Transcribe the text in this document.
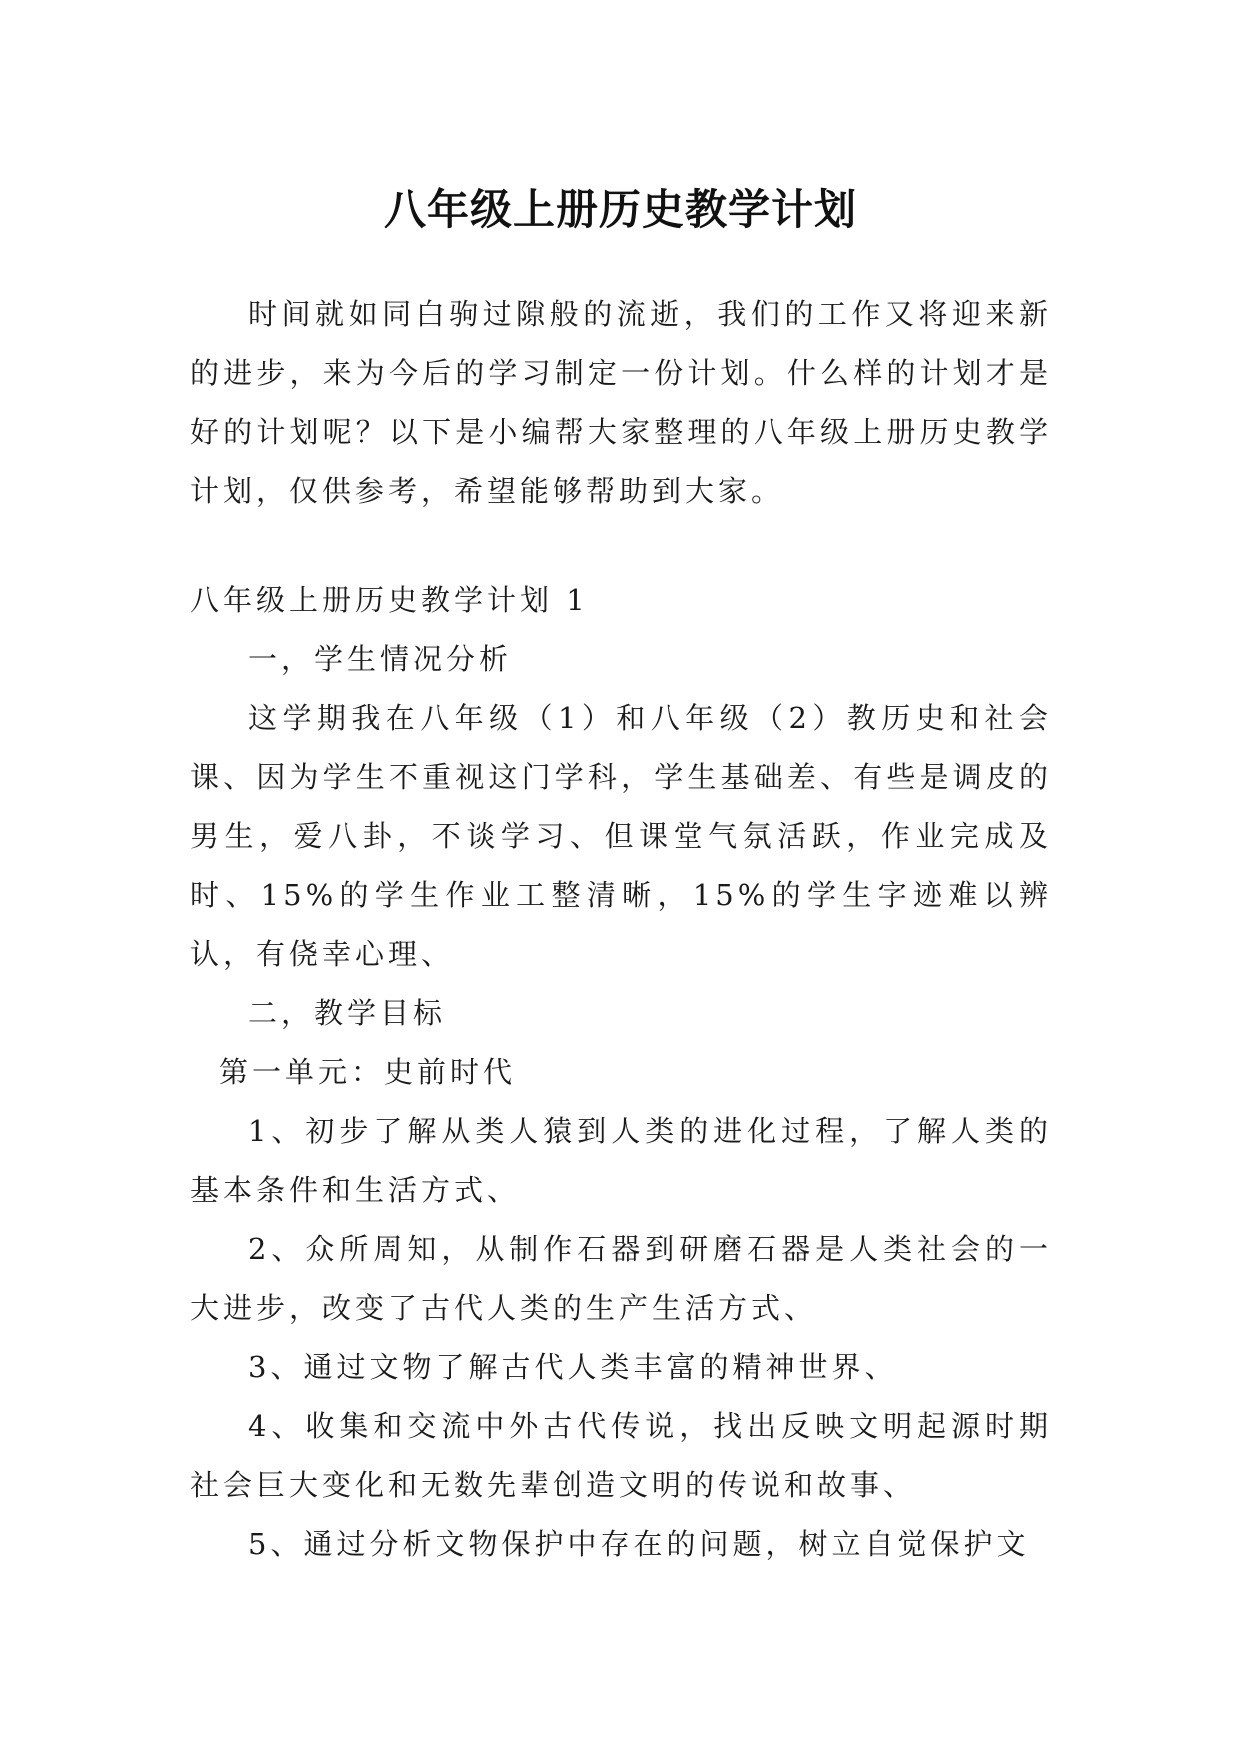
八年级上册历史教学计划

时间就如同白驹过隙般的流逝，我们的工作又将迎来新的进步，来为今后的学习制定一份计划。什么样的计划才是好的计划呢？以下是小编帮大家整理的八年级上册历史教学计划，仅供参考，希望能够帮助到大家。

八年级上册历史教学计划 1

一，学生情况分析

这学期我在八年级（1）和八年级（2）教历史和社会课、因为学生不重视这门学科，学生基础差、有些是调皮的男生，爱八卦，不谈学习、但课堂气氛活跃，作业完成及时、15%的学生作业工整清晰，15%的学生字迹难以辨认，有侥幸心理、

二，教学目标

第一单元：史前时代

1、初步了解从类人猿到人类的进化过程，了解人类的基本条件和生活方式、

2、众所周知，从制作石器到研磨石器是人类社会的一大进步，改变了古代人类的生产生活方式、

3、通过文物了解古代人类丰富的精神世界、

4、收集和交流中外古代传说，找出反映文明起源时期社会巨大变化和无数先辈创造文明的传说和故事、

5、通过分析文物保护中存在的问题，树立自觉保护文
